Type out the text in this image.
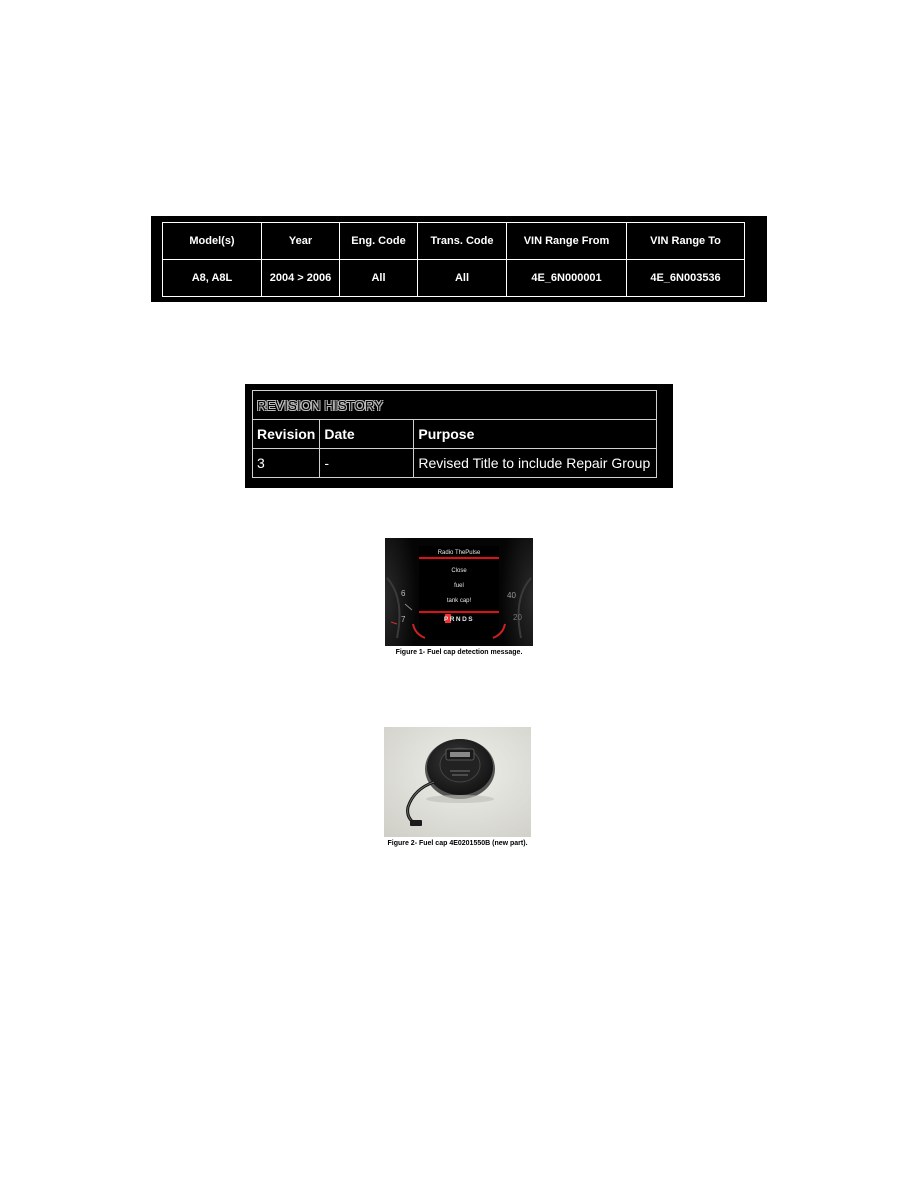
Model(s)	Year	Eng. Code	Trans. Code	VIN Range From	VIN Range To
A8, A8L	2004 > 2006	All	All	4E_6N000001	4E_6N003536
REVISION HISTORY		
Revision	Date	Purpose
3	-	Revised Title to include Repair Group
Radio ThePulse
Close
fuel
tank cap!
PRNDS
6
7
40
20
Figure 1- Fuel cap detection message.
Figure 2- Fuel cap 4E0201550B (new part).
